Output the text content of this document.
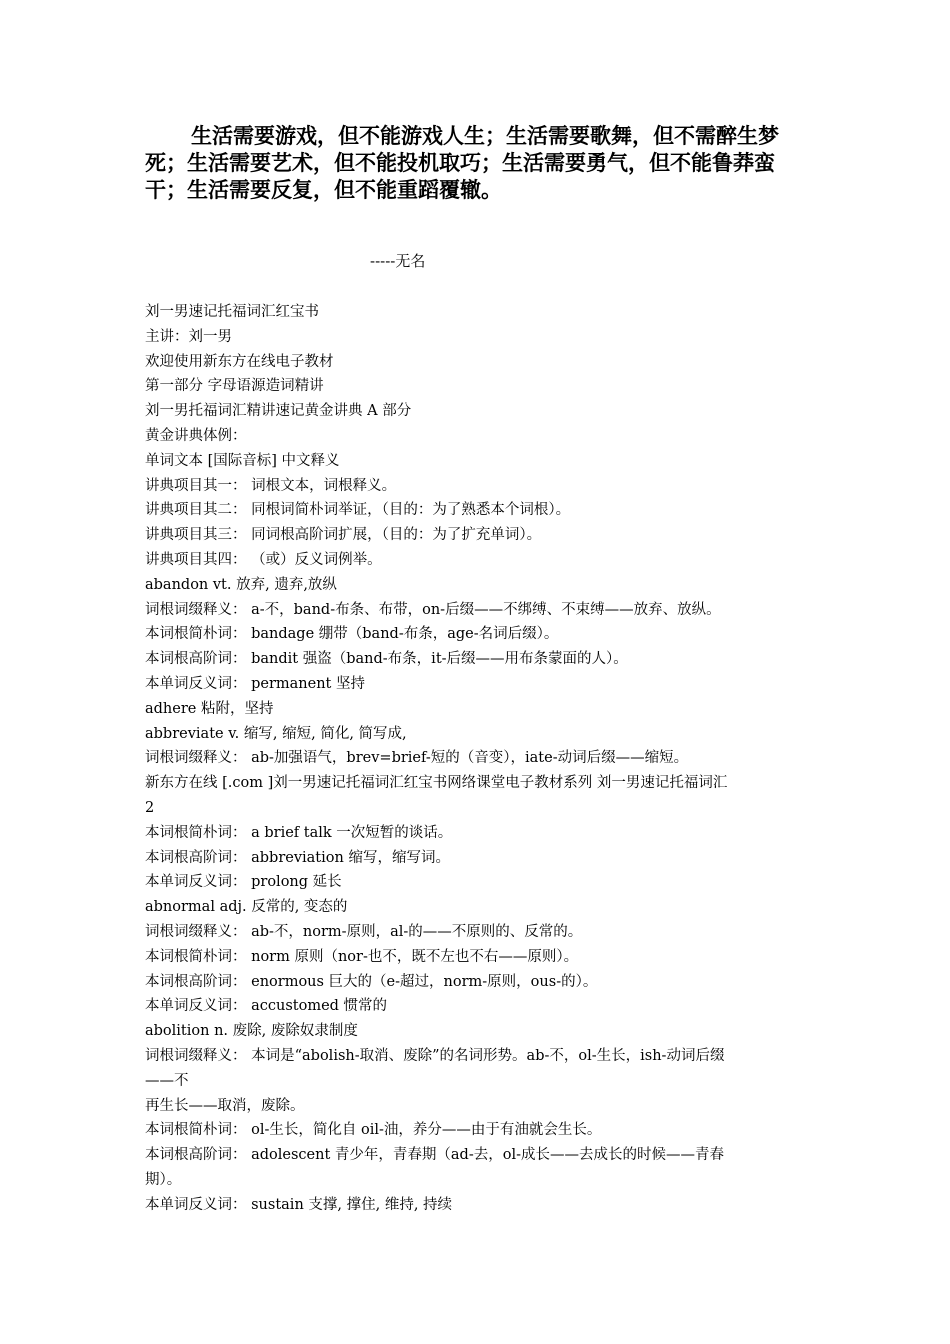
生活需要游戏，但不能游戏人生；生活需要歌舞，但不需醉生梦死；生活需要艺术，但不能投机取巧；生活需要勇气，但不能鲁莽蛮干；生活需要反复，但不能重蹈覆辙。

-----无名
刘一男速记托福词汇红宝书
主讲：刘一男
欢迎使用新东方在线电子教材
第一部分 字母语源造词精讲
刘一男托福词汇精讲速记黄金讲典 A 部分
黄金讲典体例：
单词文本 [国际音标] 中文释义
讲典项目其一： 词根文本，词根释义。
讲典项目其二： 同根词简朴词举证，（目的：为了熟悉本个词根）。
讲典项目其三： 同词根高阶词扩展，（目的：为了扩充单词）。
讲典项目其四： （或）反义词例举。
abandon vt. 放弃, 遗弃,放纵
词根词缀释义： a-不，band-布条、布带，on-后缀——不绑缚、不束缚——放弃、放纵。
本词根简朴词： bandage 绷带（band-布条，age-名词后缀）。
本词根高阶词： bandit 强盗（band-布条，it-后缀——用布条蒙面的人）。
本单词反义词： permanent 坚持
adhere 粘附，坚持
abbreviate v. 缩写, 缩短, 简化, 简写成,
词根词缀释义： ab-加强语气，brev=brief-短的（音变），iate-动词后缀——缩短。
新东方在线 [.com ]刘一男速记托福词汇红宝书网络课堂电子教材系列 刘一男速记托福词汇
2
本词根简朴词： a brief talk 一次短暂的谈话。
本词根高阶词： abbreviation 缩写，缩写词。
本单词反义词： prolong 延长
abnormal adj. 反常的, 变态的
词根词缀释义： ab-不，norm-原则，al-的——不原则的、反常的。
本词根简朴词： norm 原则（nor-也不，既不左也不右——原则）。
本词根高阶词： enormous 巨大的（e-超过，norm-原则，ous-的）。
本单词反义词： accustomed 惯常的
abolition n. 废除, 废除奴隶制度
词根词缀释义： 本词是“abolish-取消、废除”的名词形势。ab-不，ol-生长，ish-动词后缀
——不
再生长——取消，废除。
本词根简朴词： ol-生长，简化自 oil-油，养分——由于有油就会生长。
本词根高阶词： adolescent 青少年，青春期（ad-去，ol-成长——去成长的时候——青春
期）。
本单词反义词： sustain 支撑, 撑住, 维持, 持续
